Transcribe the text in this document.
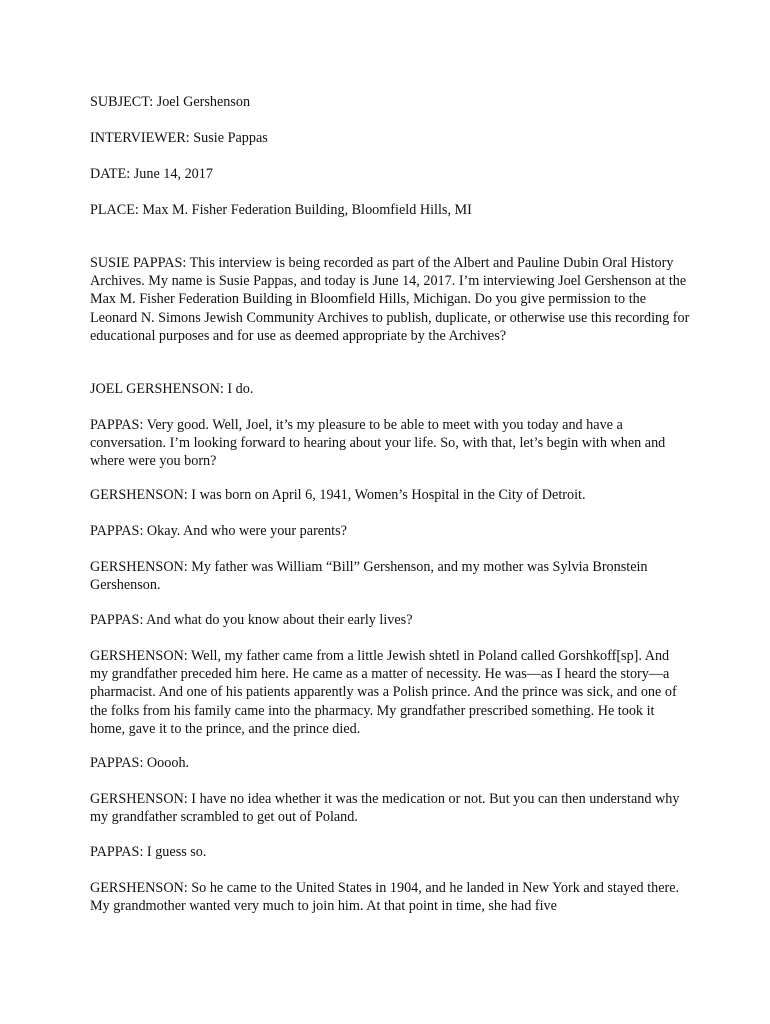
SUBJECT: Joel Gershenson

INTERVIEWER: Susie Pappas

DATE: June 14, 2017

PLACE: Max M. Fisher Federation Building, Bloomfield Hills, MI

SUSIE PAPPAS: This interview is being recorded as part of the Albert and Pauline Dubin Oral History Archives. My name is Susie Pappas, and today is June 14, 2017. I’m interviewing Joel Gershenson at the Max M. Fisher Federation Building in Bloomfield Hills, Michigan. Do you give permission to the Leonard N. Simons Jewish Community Archives to publish, duplicate, or otherwise use this recording for educational purposes and for use as deemed appropriate by the Archives?

JOEL GERSHENSON: I do.

PAPPAS: Very good. Well, Joel, it’s my pleasure to be able to meet with you today and have a conversation. I’m looking forward to hearing about your life. So, with that, let’s begin with when and where were you born?

GERSHENSON: I was born on April 6, 1941, Women’s Hospital in the City of Detroit.

PAPPAS: Okay. And who were your parents?

GERSHENSON: My father was William “Bill” Gershenson, and my mother was Sylvia Bronstein Gershenson.

PAPPAS: And what do you know about their early lives?

GERSHENSON: Well, my father came from a little Jewish shtetl in Poland called Gorshkoff[sp]. And my grandfather preceded him here. He came as a matter of necessity. He was—as I heard the story—a pharmacist. And one of his patients apparently was a Polish prince. And the prince was sick, and one of the folks from his family came into the pharmacy. My grandfather prescribed something. He took it home, gave it to the prince, and the prince died.

PAPPAS: Ooooh.

GERSHENSON: I have no idea whether it was the medication or not. But you can then understand why my grandfather scrambled to get out of Poland.

PAPPAS: I guess so.

GERSHENSON: So he came to the United States in 1904, and he landed in New York and stayed there. My grandmother wanted very much to join him. At that point in time, she had five
